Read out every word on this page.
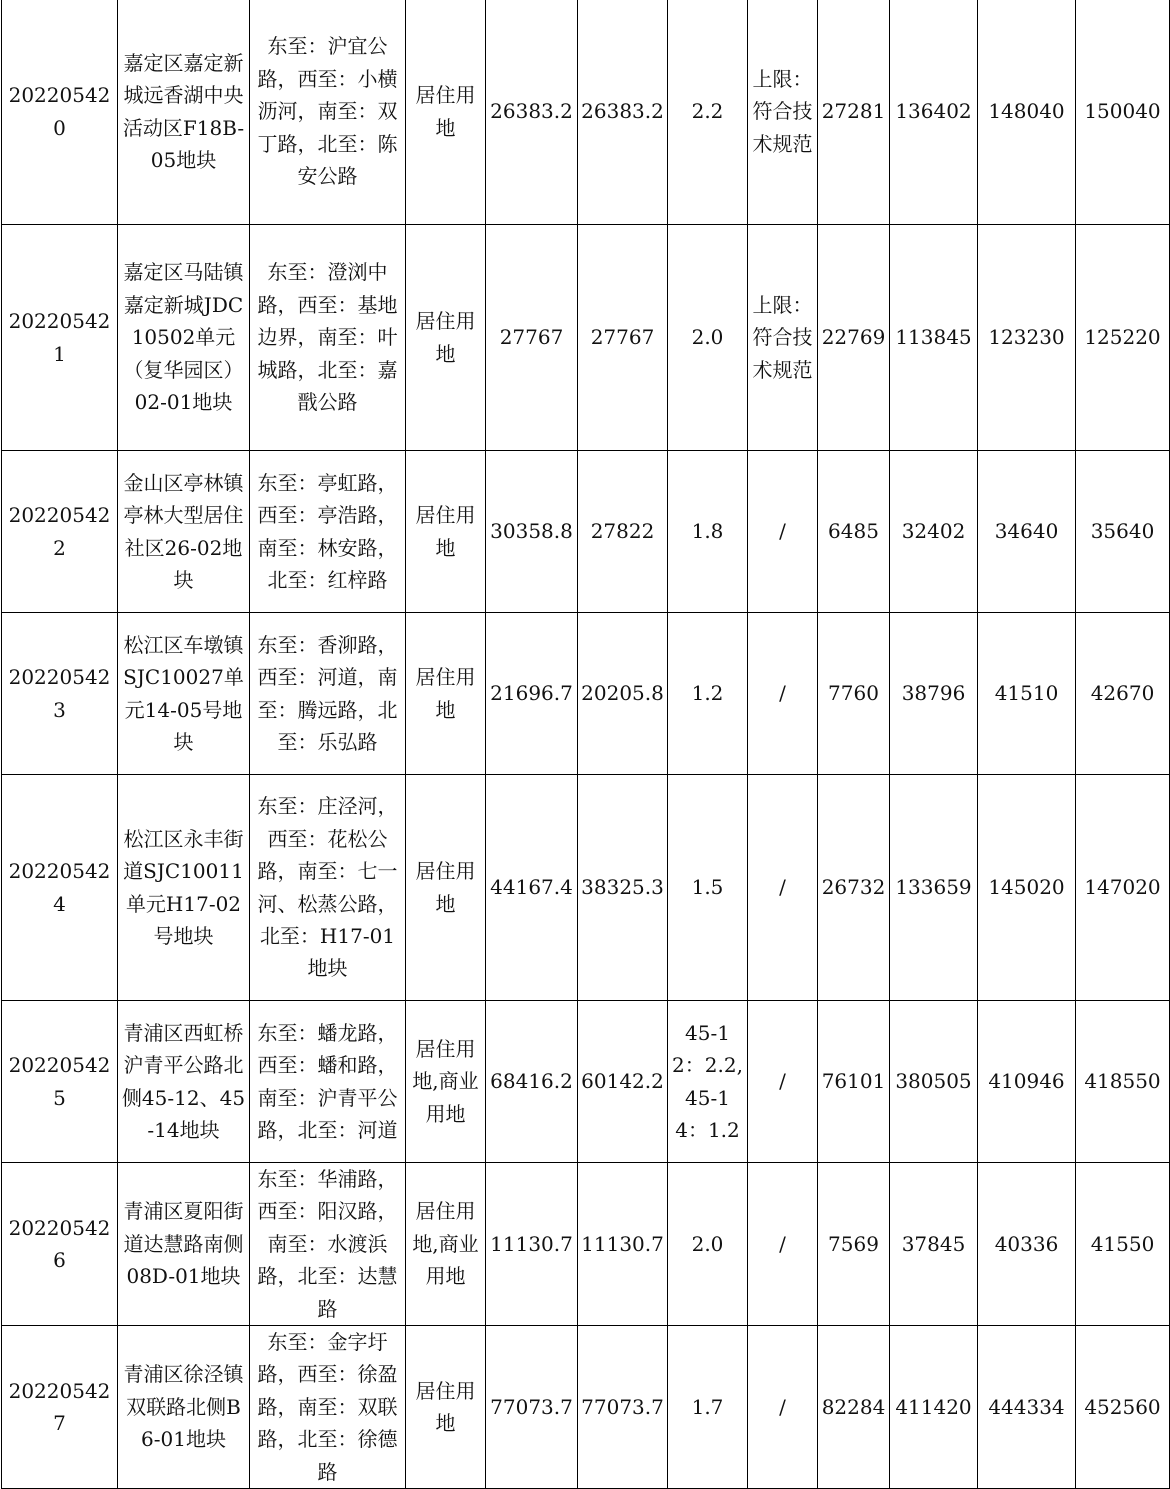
202205420	嘉定区嘉定新城远香湖中央活动区F18B-05地块	东至：沪宜公路，西至：小横沥河，南至：双丁路，北至：陈安公路	居住用地	26383.2	26383.2	2.2	上限：符合技术规范	27281	136402	148040	150040
202205421	嘉定区马陆镇嘉定新城JDC10502单元（复华园区）02-01地块	东至：澄浏中路，西至：基地边界，南至：叶城路，北至：嘉戬公路	居住用地	27767	27767	2.0	上限：符合技术规范	22769	113845	123230	125220
202205422	金山区亭林镇亭林大型居住社区26-02地块	东至：亭虹路，西至：亭浩路，南至：林安路，北至：红梓路	居住用地	30358.8	27822	1.8	/	6485	32402	34640	35640
202205423	松江区车墩镇SJC10027单元14-05号地块	东至：香泖路，西至：河道，南至：腾远路，北至：乐弘路	居住用地	21696.7	20205.8	1.2	/	7760	38796	41510	42670
202205424	松江区永丰街道SJC10011单元H17-02号地块	东至：庄泾河，西至：花松公路，南至：七一河、松蒸公路，北至：H17-01地块	居住用地	44167.4	38325.3	1.5	/	26732	133659	145020	147020
202205425	青浦区西虹桥沪青平公路北侧45-12、45-14地块	东至：蟠龙路，西至：蟠和路，南至：沪青平公路，北至：河道	居住用地,商业用地	68416.2	60142.2	45-12：2.2,45-14：1.2	/	76101	380505	410946	418550
202205426	青浦区夏阳街道达慧路南侧08D-01地块	东至：华浦路，西至：阳汉路，南至：水渡浜路，北至：达慧路	居住用地,商业用地	11130.7	11130.7	2.0	/	7569	37845	40336	41550
202205427	青浦区徐泾镇双联路北侧B6-01地块	东至：金字圩路，西至：徐盈路，南至：双联路，北至：徐德路	居住用地	77073.7	77073.7	1.7	/	82284	411420	444334	452560
